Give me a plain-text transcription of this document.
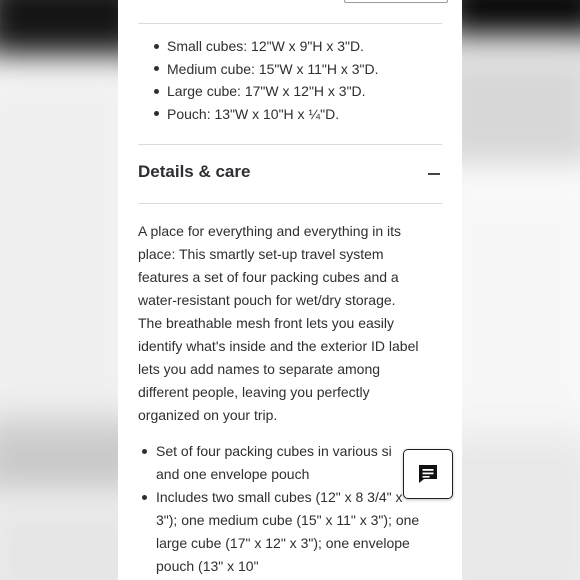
Small cubes: 12"W x 9"H x 3"D.
Medium cube: 15"W x 11"H x 3"D.
Large cube: 17"W x 12"H x 3"D.
Pouch: 13"W x 10"H x ¼"D.
Details & care

A place for everything and everything in its
place: This smartly set-up travel system
features a set of four packing cubes and a
water-resistant pouch for wet/dry storage.
The breathable mesh front lets you easily
identify what's inside and the exterior ID label
lets you add names to separate among
different people, leaving you perfectly
organized on your trip.

Set of four packing cubes in various si
and one envelope pouch
Includes two small cubes (12" x 8 3/4" x
3"); one medium cube (15" x 11" x 3"); one
large cube (17" x 12" x 3"); one envelope
pouch (13" x 10"
